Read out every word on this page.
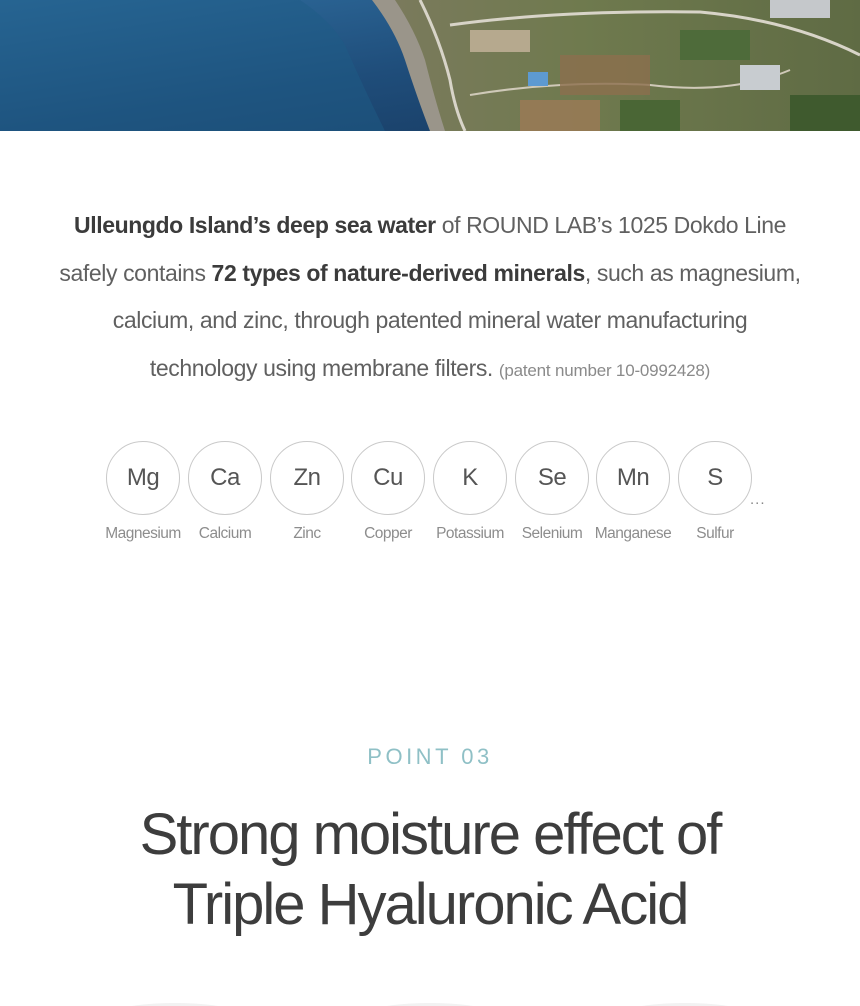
Ulleungdo Island’s deep sea water of ROUND LAB’s 1025 Dokdo Line
safely contains 72 types of nature-derived minerals, such as magnesium,
calcium, and zinc, through patented mineral water manufacturing
technology using membrane filters. (patent number 10-0992428)
Mg
Magnesium
Ca
Calcium
Zn
Zinc
Cu
Copper
K
Potassium
Se
Selenium
Mn
Manganese
S
Sulfur
...
POINT 03
Strong moisture effect of
Triple Hyaluronic Acid
